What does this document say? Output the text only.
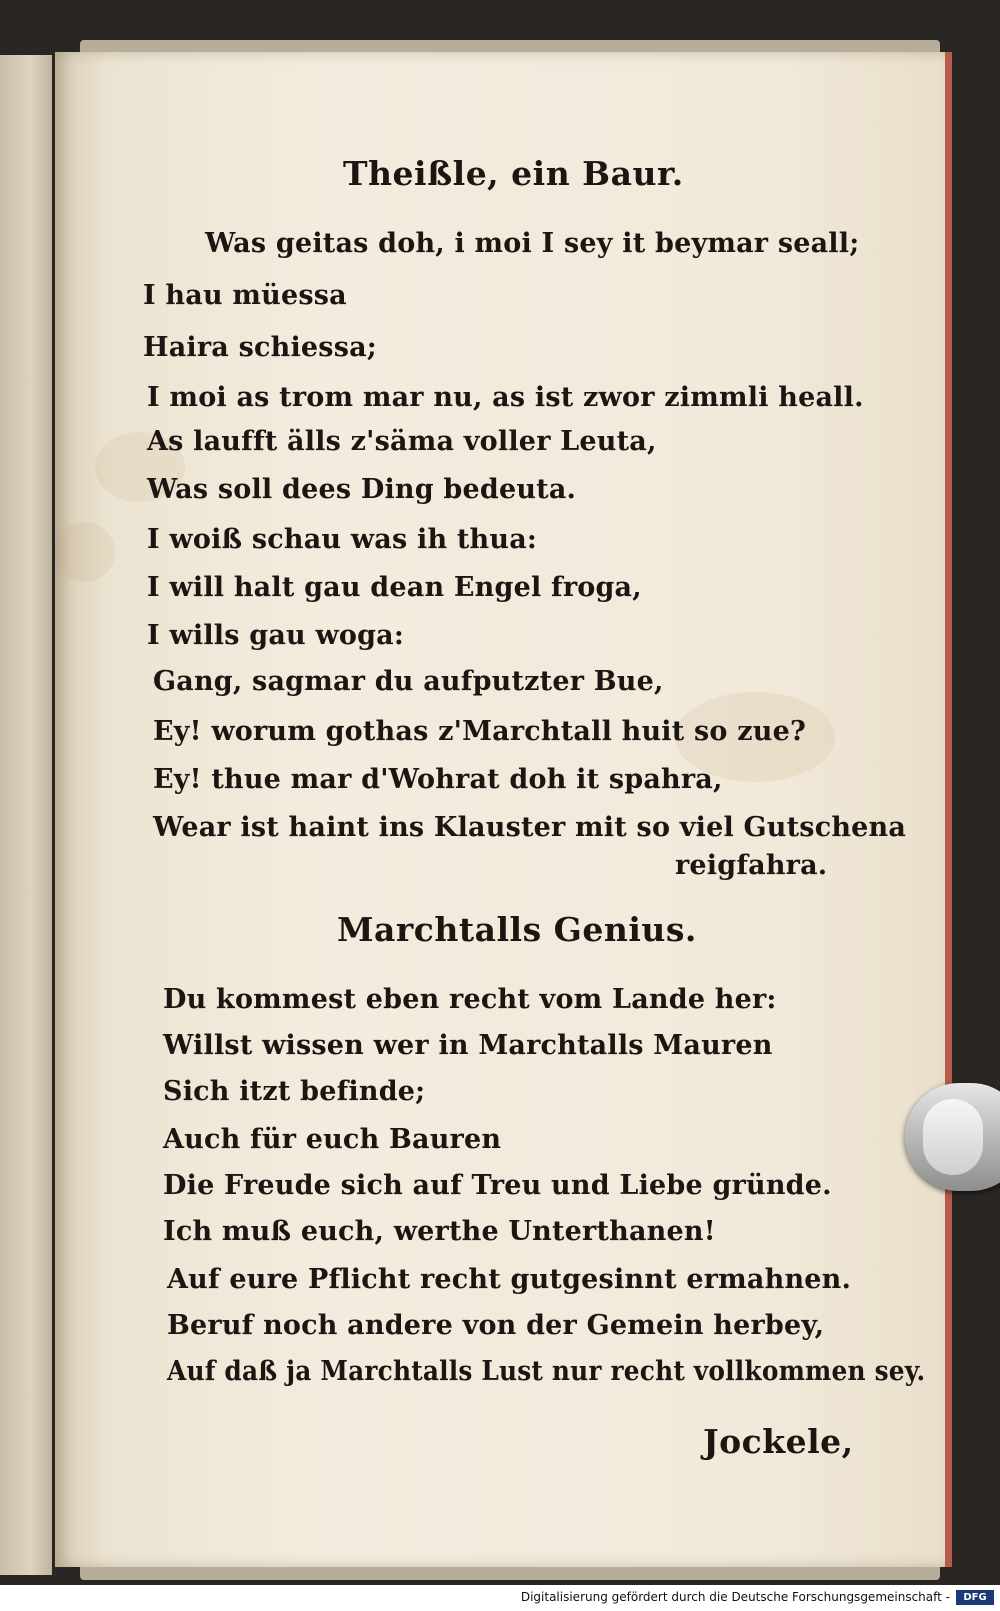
Theißle, ein Baur.
Was geitas doh, i moi I sey it beymar seall;
I hau müessa
Haira schiessa;
I moi as trom mar nu, as ist zwor zimmli heall.
As laufft älls z'säma voller Leuta,
Was soll dees Ding bedeuta.
I woiß schau was ih thua:
I will halt gau dean Engel froga,
I wills gau woga:
Gang, sagmar du aufputzter Bue,
Ey! worum gothas z'Marchtall huit so zue?
Ey! thue mar d'Wohrat doh it spahra,
Wear ist haint ins Klauster mit so viel Gutschena
reigfahra.
Marchtalls Genius.
Du kommest eben recht vom Lande her:
Willst wissen wer in Marchtalls Mauren
Sich itzt befinde;
Auch für euch Bauren
Die Freude sich auf Treu und Liebe gründe.
Ich muß euch, werthe Unterthanen!
Auf eure Pflicht recht gutgesinnt ermahnen.
Beruf noch andere von der Gemein herbey,
Auf daß ja Marchtalls Lust nur recht vollkommen sey.
Jockele,
Digitalisierung gefördert durch die Deutsche Forschungsgemeinschaft -	DFG
